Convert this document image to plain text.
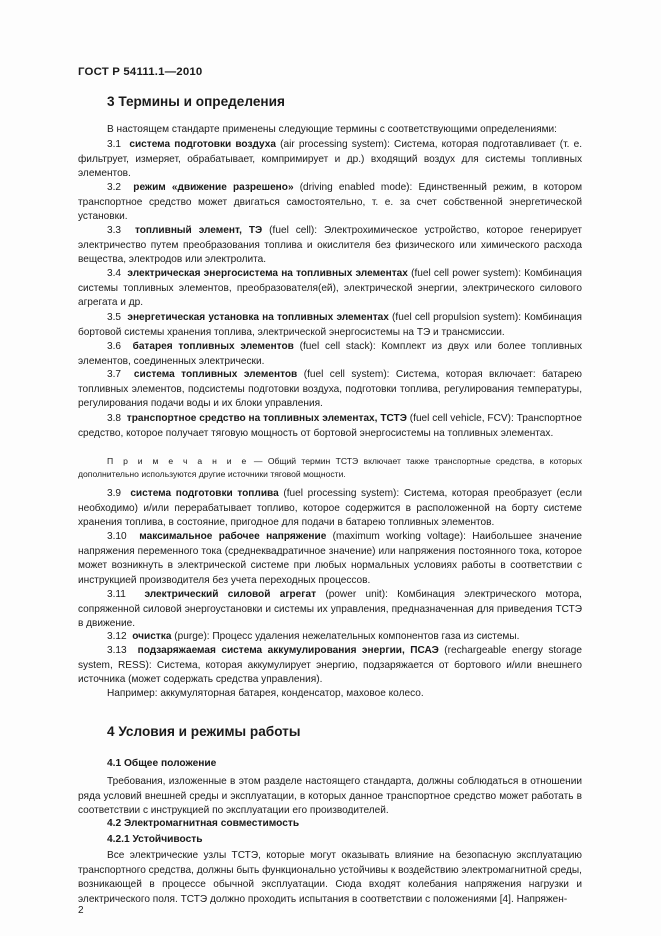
ГОСТ Р 54111.1—2010
3 Термины и определения
В настоящем стандарте применены следующие термины с соответствующими определениями:
3.1 система подготовки воздуха (air processing system): Система, которая подготавливает (т. е. фильтрует, измеряет, обрабатывает, компримирует и др.) входящий воздух для системы топливных элементов.
3.2 режим «движение разрешено» (driving enabled mode): Единственный режим, в котором транспортное средство может двигаться самостоятельно, т. е. за счет собственной энергетической установки.
3.3 топливный элемент, ТЭ (fuel cell): Электрохимическое устройство, которое генерирует электричество путем преобразования топлива и окислителя без физического или химического расхода вещества, электродов или электролита.
3.4 электрическая энергосистема на топливных элементах (fuel cell power system): Комбинация системы топливных элементов, преобразователя(ей), электрической энергии, электрического силового агрегата и др.
3.5 энергетическая установка на топливных элементах (fuel cell propulsion system): Комбинация бортовой системы хранения топлива, электрической энергосистемы на ТЭ и трансмиссии.
3.6 батарея топливных элементов (fuel cell stack): Комплект из двух или более топливных элементов, соединенных электрически.
3.7 система топливных элементов (fuel cell system): Система, которая включает: батарею топливных элементов, подсистемы подготовки воздуха, подготовки топлива, регулирования температуры, регулирования подачи воды и их блоки управления.
3.8 транспортное средство на топливных элементах, ТСТЭ (fuel cell vehicle, FCV): Транспортное средство, которое получает тяговую мощность от бортовой энергосистемы на топливных элементах.
П р и м е ч а н и е — Общий термин ТСТЭ включает также транспортные средства, в которых дополнительно используются другие источники тяговой мощности.
3.9 система подготовки топлива (fuel processing system): Система, которая преобразует (если необходимо) и/или перерабатывает топливо, которое содержится в расположенной на борту системе хранения топлива, в состояние, пригодное для подачи в батарею топливных элементов.
3.10 максимальное рабочее напряжение (maximum working voltage): Наибольшее значение напряжения переменного тока (среднеквадратичное значение) или напряжения постоянного тока, которое может возникнуть в электрической системе при любых нормальных условиях работы в соответствии с инструкцией производителя без учета переходных процессов.
3.11 электрический силовой агрегат (power unit): Комбинация электрического мотора, сопряженной силовой энергоустановки и системы их управления, предназначенная для приведения ТСТЭ в движение.
3.12 очистка (purge): Процесс удаления нежелательных компонентов газа из системы.
3.13 подзаряжаемая система аккумулирования энергии, ПСАЭ (rechargeable energy storage system, RESS): Система, которая аккумулирует энергию, подзаряжается от бортового и/или внешнего источника (может содержать средства управления).
Например: аккумуляторная батарея, конденсатор, маховое колесо.
4 Условия и режимы работы
4.1 Общее положение
Требования, изложенные в этом разделе настоящего стандарта, должны соблюдаться в отношении ряда условий внешней среды и эксплуатации, в которых данное транспортное средство может работать в соответствии с инструкцией по эксплуатации его производителей.
4.2 Электромагнитная совместимость
4.2.1 Устойчивость
Все электрические узлы ТСТЭ, которые могут оказывать влияние на безопасную эксплуатацию транспортного средства, должны быть функционально устойчивы к воздействию электромагнитной среды, возникающей в процессе обычной эксплуатации. Сюда входят колебания напряжения нагрузки и электрического поля. ТСТЭ должно проходить испытания в соответствии с положениями [4]. Напряжен-
2
